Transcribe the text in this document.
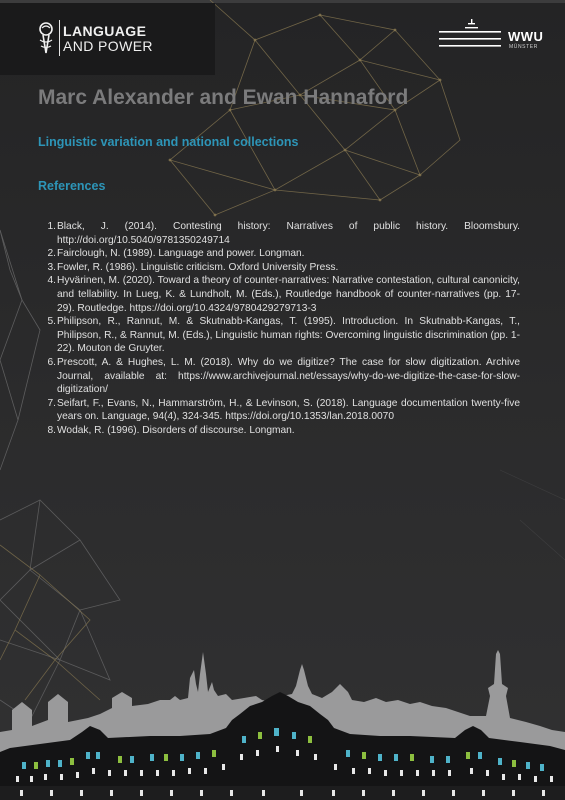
LANGUAGE
AND POWER
WWU
MÜNSTER
Marc Alexander and Ewan Hannaford
Linguistic variation and national collections
References
1. Black, J. (2014). Contesting history: Narratives of public history. Bloomsbury. http://doi.org/10.5040/9781350249714
2. Fairclough, N. (1989). Language and power. Longman.
3. Fowler, R. (1986). Linguistic criticism. Oxford University Press.
4. Hyvärinen, M. (2020). Toward a theory of counter-narratives: Narrative contestation, cultural canonicity, and tellability. In Lueg, K. & Lundholt, M. (Eds.), Routledge handbook of counter-narratives (pp. 17-29). Routledge. https://doi.org/10.4324/9780429279713-3
5. Philipson, R., Rannut, M. & Skutnabb-Kangas, T. (1995). Introduction. In Skutnabb-Kangas, T., Philipson, R., & Rannut, M. (Eds.), Linguistic human rights: Overcoming linguistic discrimination (pp. 1-22). Mouton de Gruyter.
6. Prescott, A. & Hughes, L. M. (2018). Why do we digitize? The case for slow digitization. Archive Journal, available at: https://www.archivejournal.net/essays/why-do-we-digitize-the-case-for-slow-digitization/
7. Seifart, F., Evans, N., Hammarström, H., & Levinson, S. (2018). Language documentation twenty-five years on. Language, 94(4), 324-345. https://doi.org/10.1353/lan.2018.0070
8. Wodak, R. (1996). Disorders of discourse. Longman.
